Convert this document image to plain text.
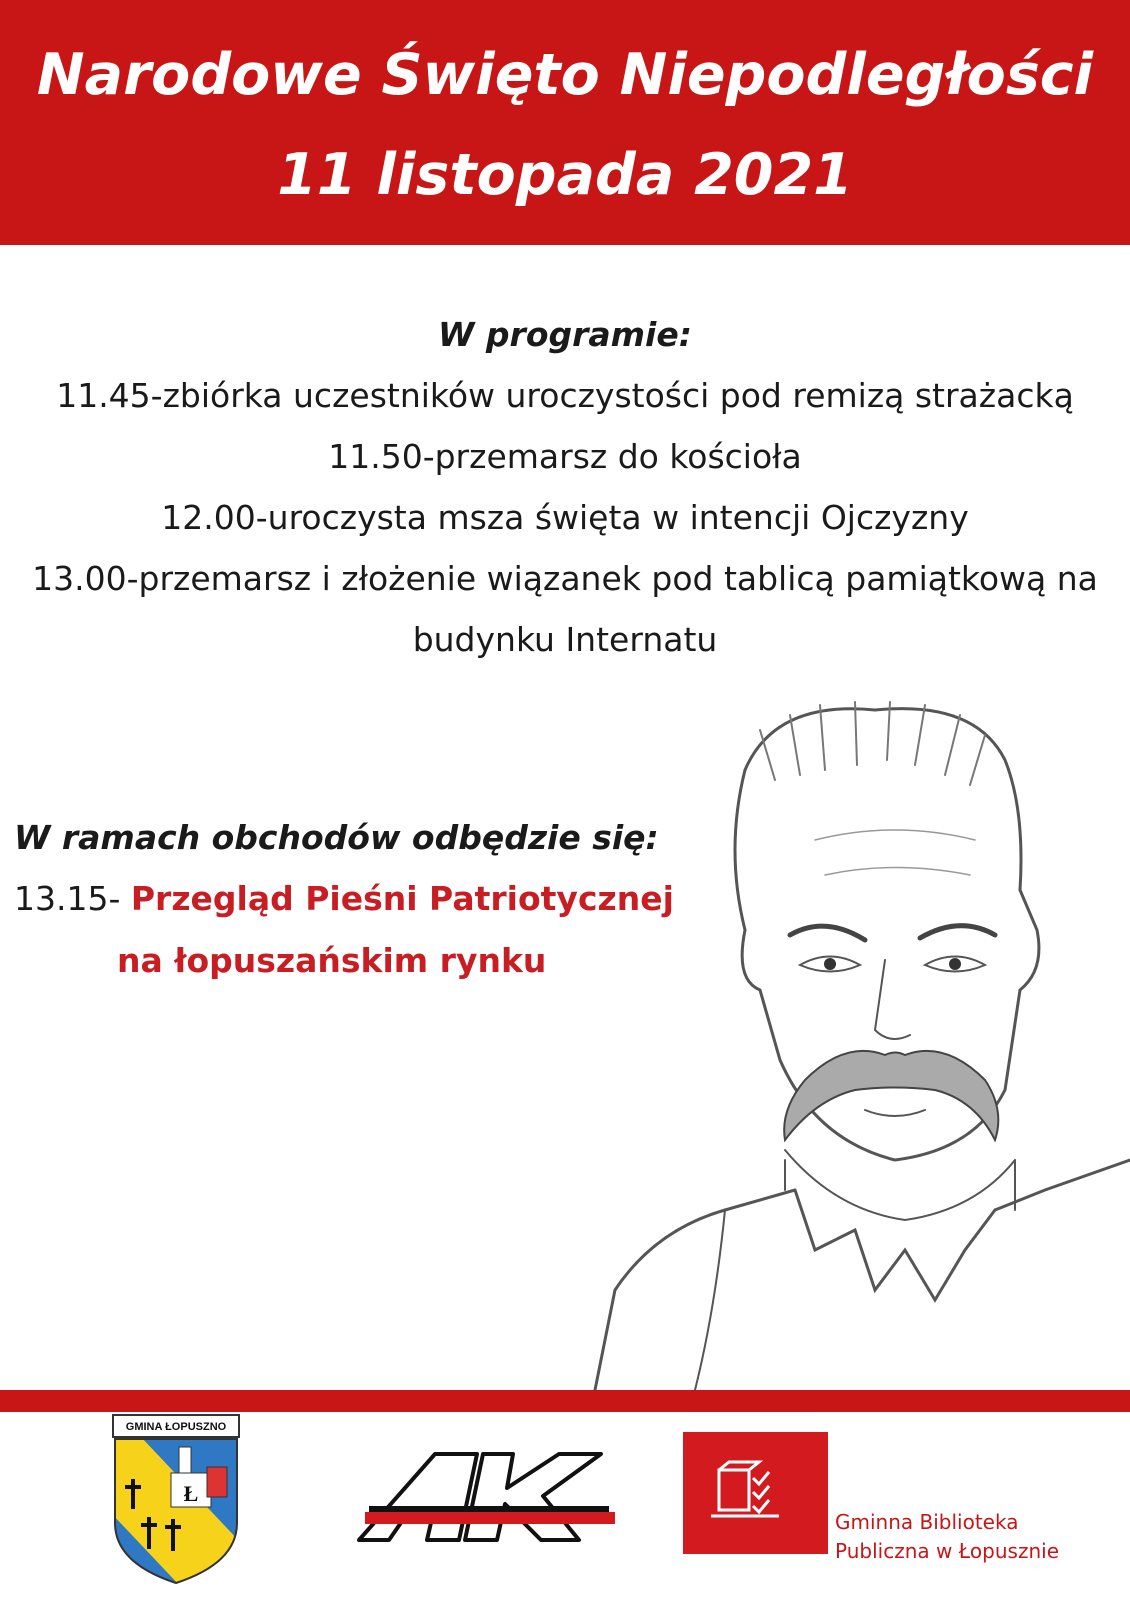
Narodowe Święto Niepodległości
11 listopada 2021
W programie:
11.45-zbiórka uczestników uroczystości pod remizą strażacką
11.50-przemarsz do kościoła
12.00-uroczysta msza święta w intencji Ojczyzny
13.00-przemarsz i złożenie wiązanek pod tablicą pamiątkową na
budynku Internatu
W ramach obchodów odbędzie się:
13.15- Przegląd Pieśni Patriotycznej
na łopuszańskim rynku
GMINA ŁOPUSZNO
Ł
Gminna Biblioteka
Publiczna w Łopusznie
